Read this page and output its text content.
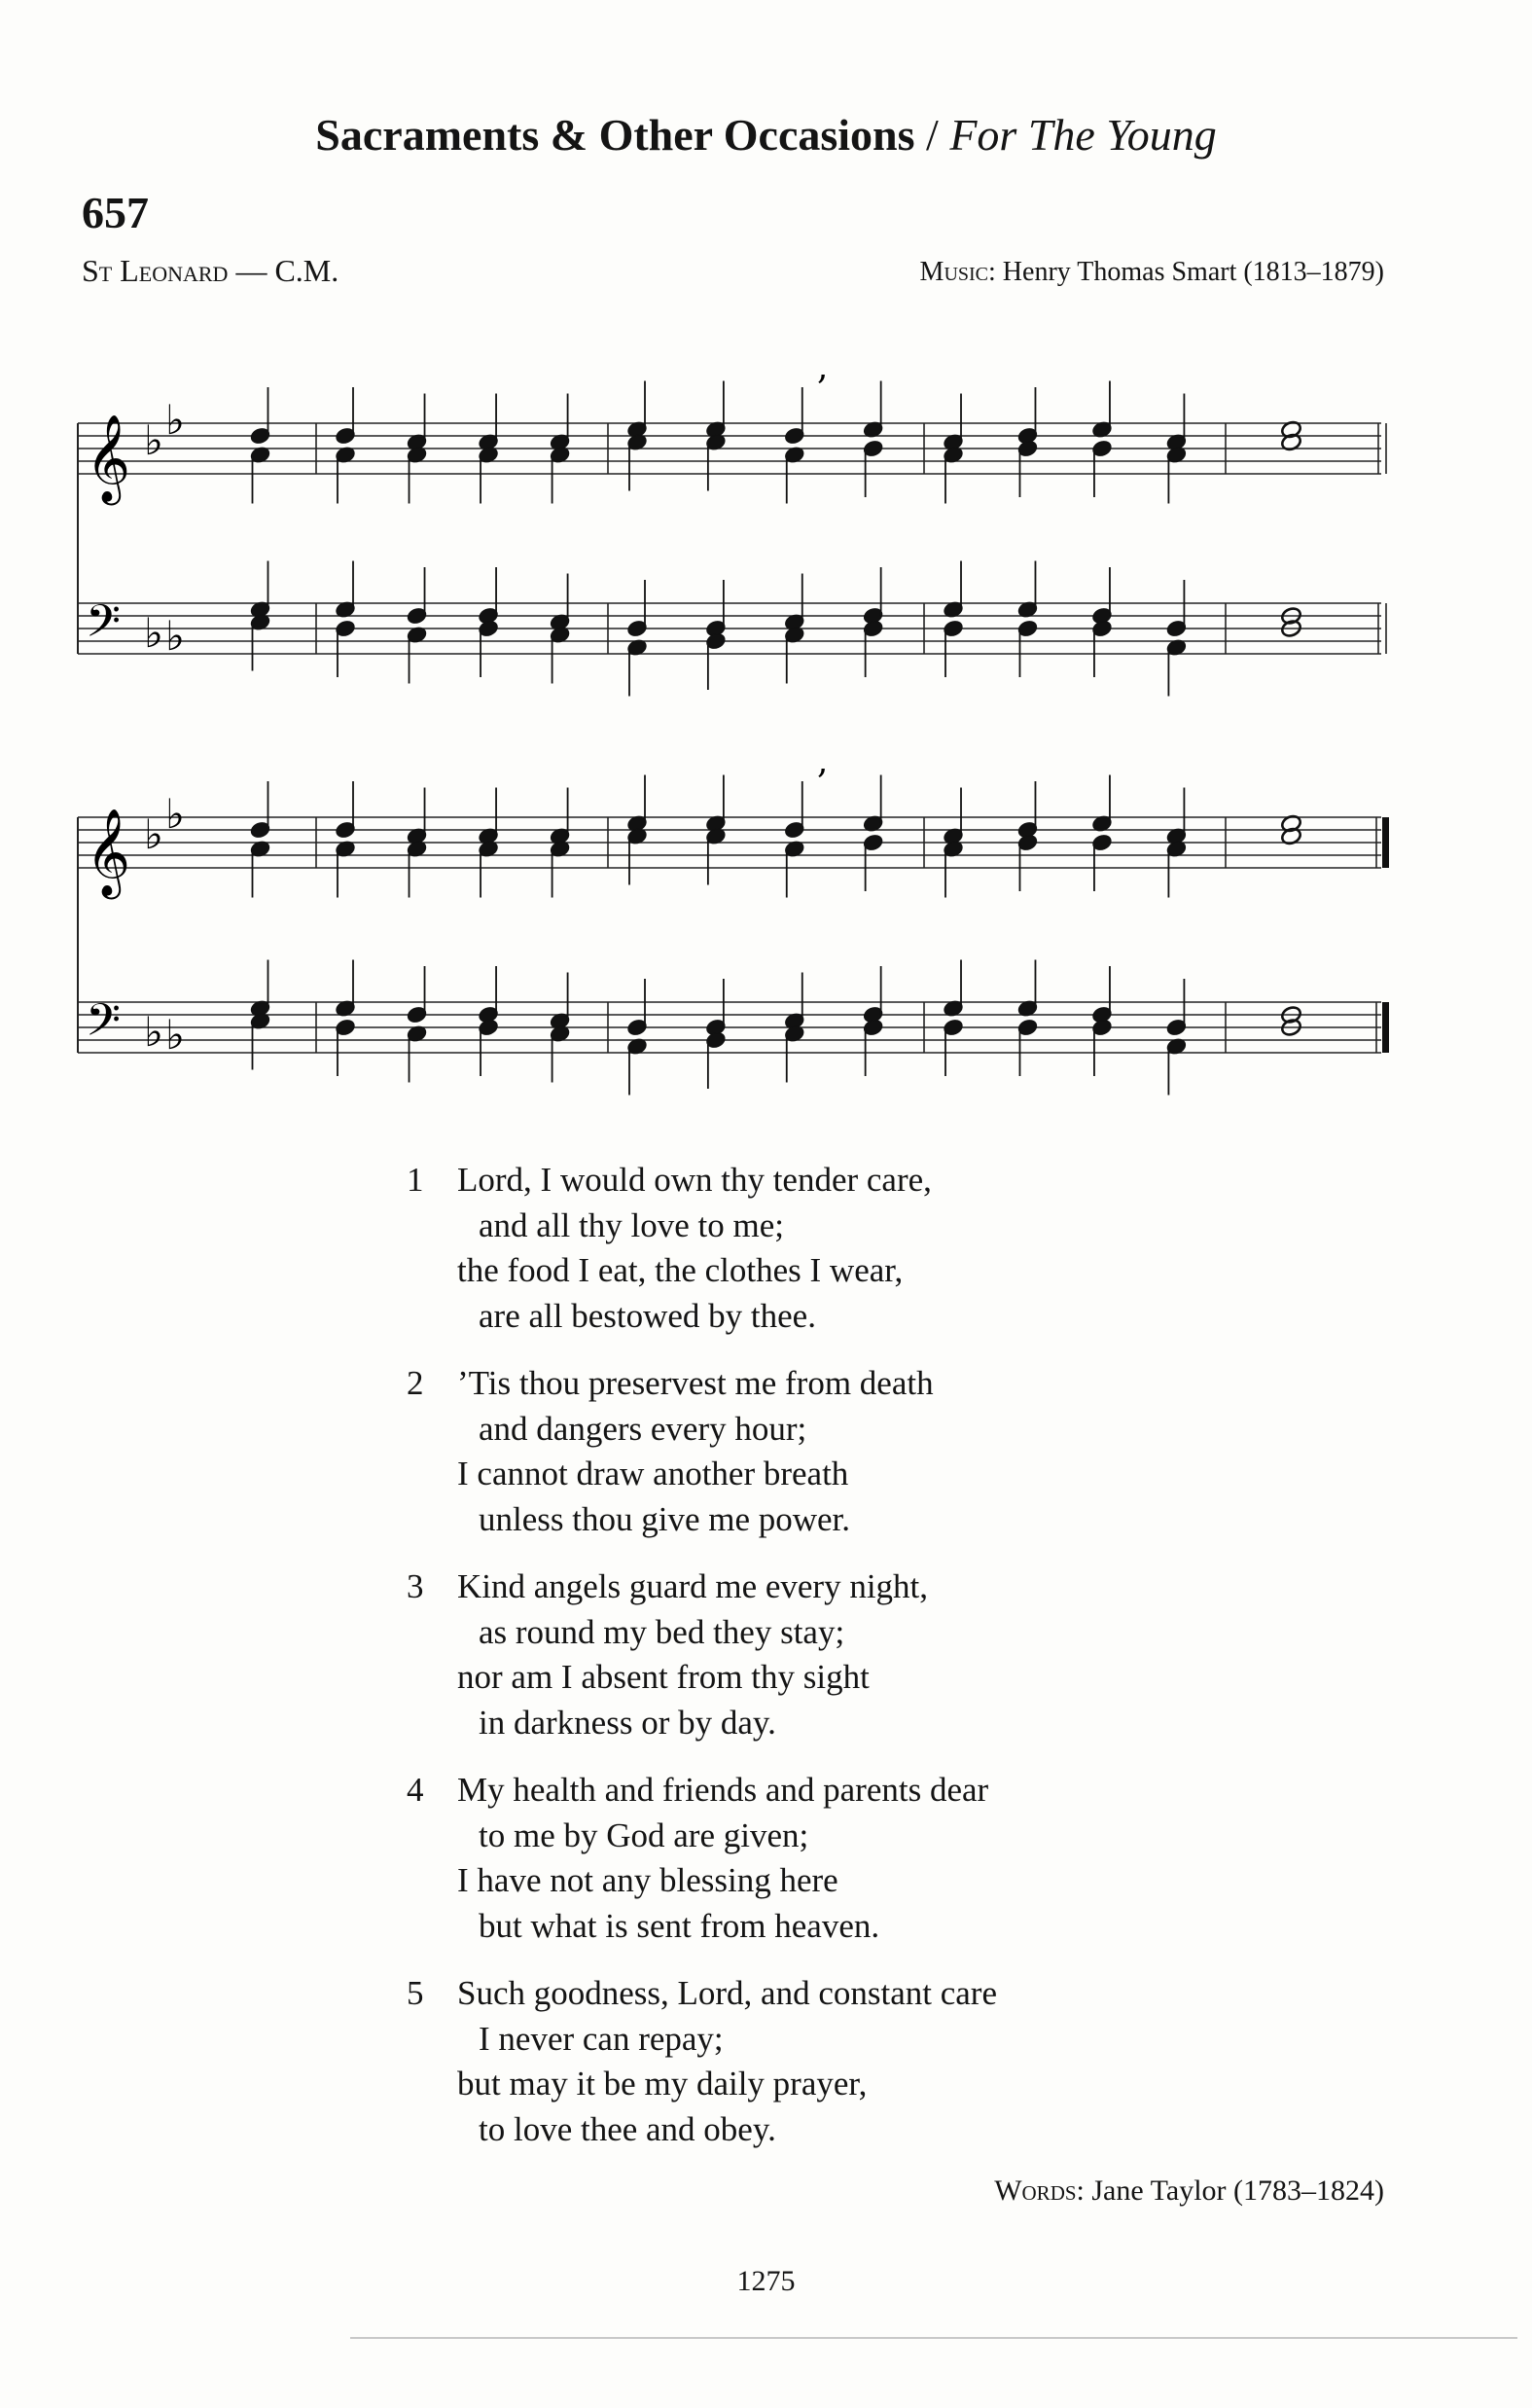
Sacraments & Other Occasions / For The Young
657
St Leonard — C.M.	Music: Henry Thomas Smart (1813–1879)
𝄞 ♭ ♭
𝄢 ♭ ♭
,
𝄞 ♭ ♭
𝄢 ♭ ♭
,
1 Lord, I would own thy tender care,
and all thy love to me;
the food I eat, the clothes I wear,
are all bestowed by thee.
2 ’Tis thou preservest me from death
and dangers every hour;
I cannot draw another breath
unless thou give me power.
3 Kind angels guard me every night,
as round my bed they stay;
nor am I absent from thy sight
in darkness or by day.
4 My health and friends and parents dear
to me by God are given;
I have not any blessing here
but what is sent from heaven.
5 Such goodness, Lord, and constant care
I never can repay;
but may it be my daily prayer,
to love thee and obey.
Words: Jane Taylor (1783–1824)
1275
